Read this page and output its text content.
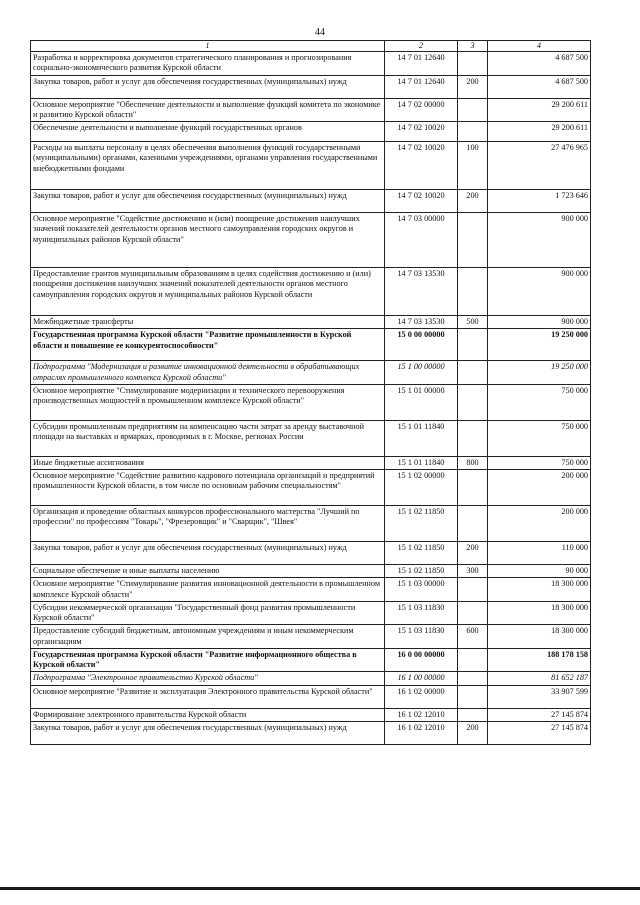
44
1	2	3	4
Разработка и корректировка документов стратегического планирования и прогнозирования социально-экономического развития Курской области	14 7 01 12640		4 687 500
Закупка товаров, работ и услуг для обеспечения государственных (муниципальных) нужд	14 7 01 12640	200	4 687 500
Основное мероприятие "Обеспечение деятельности и выполнение функций комитета по экономике и развитию Курской области"	14 7 02 00000		29 200 611
Обеспечение деятельности и выполнение функций государственных органов	14 7 02 10020		29 200 611
Расходы на выплаты персоналу в целях обеспечения выполнения функций государственными (муниципальными) органами, казенными учреждениями, органами управления государственными внебюджетными фондами	14 7 02 10020	100	27 476 965
Закупка товаров, работ и услуг для обеспечения государственных (муниципальных) нужд	14 7 02 10020	200	1 723 646
Основное мероприятие "Содействие достижению и (или) поощрение достижения наилучших значений показателей деятельности органов местного самоуправления городских округов и муниципальных районов Курской области"	14 7 03 00000		900 000
Предоставление грантов муниципальным образованиям в целях содействия достижению и (или) поощрения достижения наилучших значений показателей деятельности органов местного самоуправления городских округов и муниципальных районов Курской области	14 7 03 13530		900 000
Межбюджетные трансферты	14 7 03 13530	500	900 000
Государственная программа Курской области "Развитие промышленности в Курской области и повышение ее конкурентоспособности"	15 0 00 00000		19 250 000
Подпрограмма "Модернизация и развитие инновационной деятельности в обрабатывающих отраслях промышленного комплекса Курской области"	15 1 00 00000		19 250 000
Основное мероприятие "Стимулирование модернизации и технического перевооружения производственных мощностей в промышленном комплексе Курской области"	15 1 01 00000		750 000
Субсидии промышленным предприятиям на компенсацию части затрат за аренду выставочной площади на выставках и ярмарках, проводимых в г. Москве, регионах России	15 1 01 11840		750 000
Иные бюджетные ассигнования	15 1 01 11840	800	750 000
Основное мероприятие "Содействие развитию кадрового потенциала организаций и предприятий промышленности Курской области, в том числе по основным рабочим специальностям"	15 1 02 00000		200 000
Организация и проведение областных конкурсов профессионального мастерства "Лучший по профессии" по профессиям "Токарь", "Фрезеровщик" и "Сварщик", "Швея"	15 1 02 11850		200 000
Закупка товаров, работ и услуг для обеспечения государственных (муниципальных) нужд	15 1 02 11850	200	110 000
Социальное обеспечение и иные выплаты населению	15 1 02 11850	300	90 000
Основное мероприятие "Стимулирование развития инновационной деятельности в промышленном комплексе Курской области"	15 1 03 00000		18 300 000
Субсидии некоммерческой организации "Государственный фонд развития промышленности Курской области"	15 1 03 11830		18 300 000
Предоставление субсидий бюджетным, автономным учреждениям и иным некоммерческим организациям	15 1 03 11830	600	18 300 000
Государственная программа Курской области "Развитие информационного общества в Курской области"	16 0 00 00000		188 178 158
Подпрограмма "Электронное правительство Курской области"	16 1 00 00000		81 652 187
Основное мероприятие "Развитие и эксплуатация Электронного правительства Курской области"	16 1 02 00000		33 907 599
Формирование электронного правительства Курской области	16 1 02 12010		27 145 874
Закупка товаров, работ и услуг для обеспечения государственных (муниципальных) нужд	16 1 02 12010	200	27 145 874
